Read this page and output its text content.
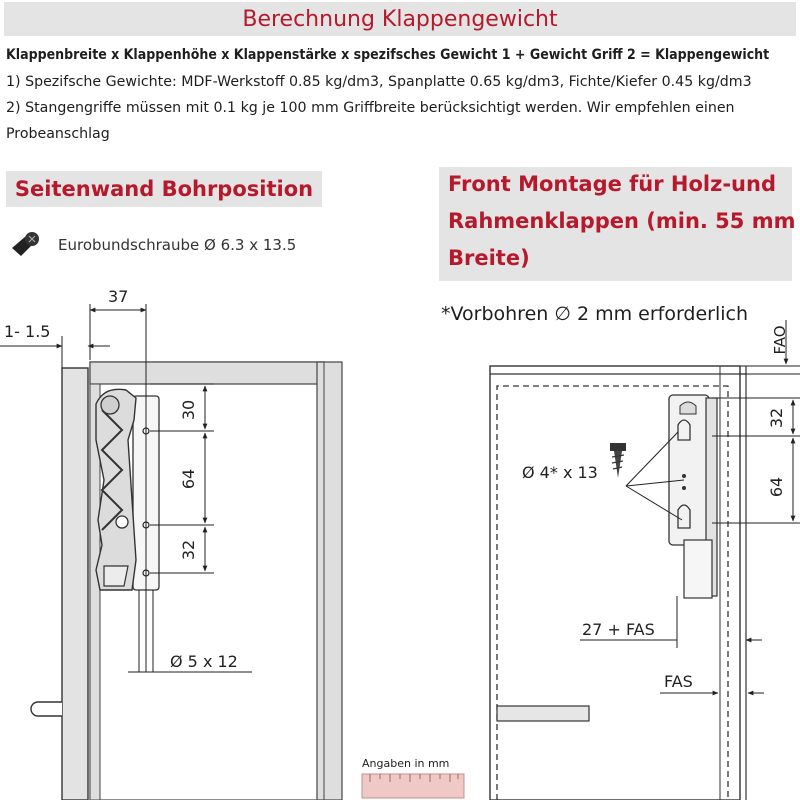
Berechnung Klappengewicht
Klappenbreite x Klappenhöhe x Klappenstärke x spezifsches Gewicht 1 + Gewicht Griff 2 = Klappengewicht
1) Spezifsche Gewichte: MDF-Werkstoff 0.85 kg/dm3, Spanplatte 0.65 kg/dm3, Fichte/Kiefer 0.45 kg/dm3
2) Stangengriffe müssen mit 0.1 kg je 100 mm Griffbreite berücksichtigt werden. Wir empfehlen einen
Probeanschlag
Seitenwand Bohrposition	Front Montage für Holz-und
Rahmenklappen (min. 55 mm
Breite)
Eurobundschraube Ø 6.3 x 13.5
*Vorbohren ∅ 2 mm erforderlich
37
1- 1.5
30
64
32
Ø 5 x 12
Ø 4* x 13
FAO
32
64
27 + FAS
FAS
Angaben in mm
